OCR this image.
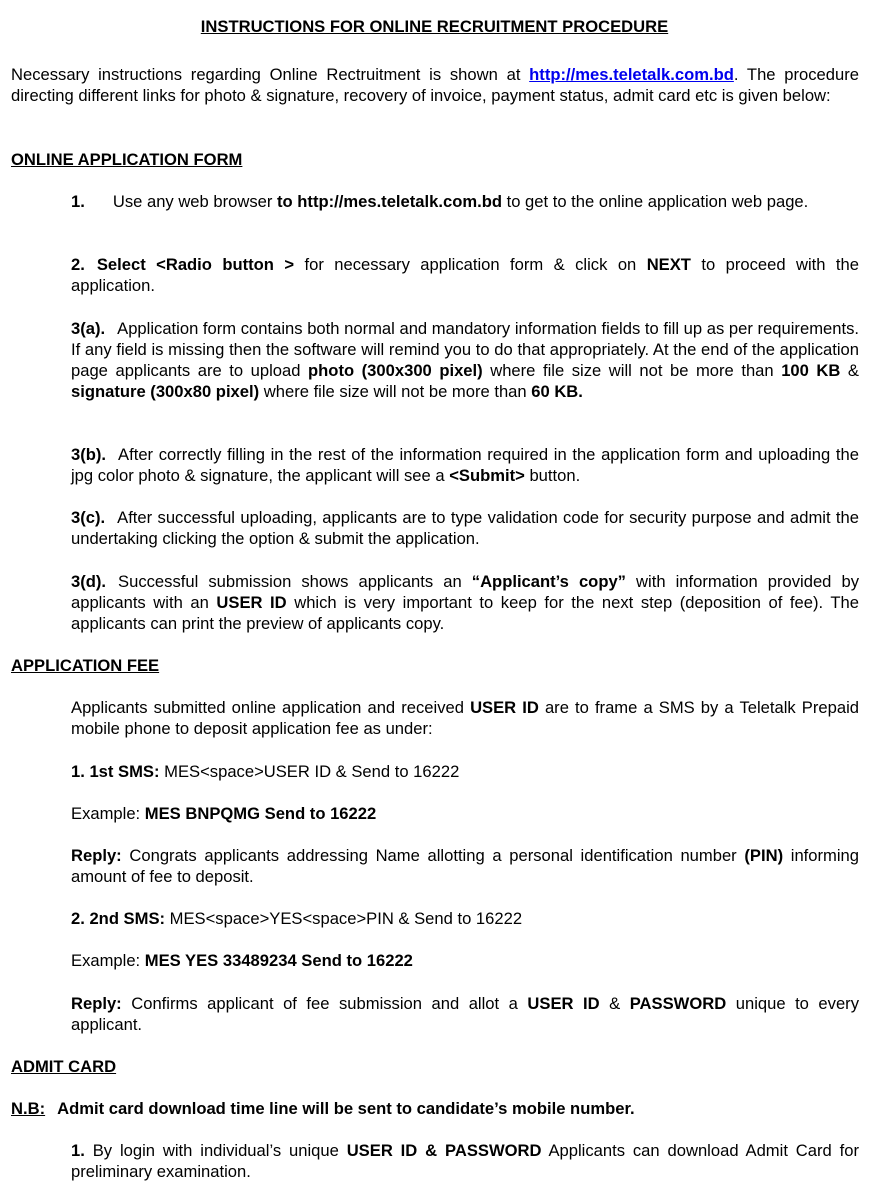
INSTRUCTIONS FOR ONLINE RECRUITMENT PROCEDURE
Necessary instructions regarding Online Rectruitment is shown at http://mes.teletalk.com.bd. The procedure directing different links for photo & signature, recovery of invoice, payment status, admit card etc is given below:
ONLINE APPLICATION FORM
1. Use any web browser to http://mes.teletalk.com.bd to get to the online application web page.
2. Select <Radio button > for necessary application form & click on NEXT to proceed with the application.
3(a). Application form contains both normal and mandatory information fields to fill up as per requirements. If any field is missing then the software will remind you to do that appropriately. At the end of the application page applicants are to upload photo (300x300 pixel) where file size will not be more than 100 KB & signature (300x80 pixel) where file size will not be more than 60 KB.
3(b). After correctly filling in the rest of the information required in the application form and uploading the jpg color photo & signature, the applicant will see a <Submit> button.
3(c). After successful uploading, applicants are to type validation code for security purpose and admit the undertaking clicking the option & submit the application.
3(d). Successful submission shows applicants an “Applicant’s copy” with information provided by applicants with an USER ID which is very important to keep for the next step (deposition of fee). The applicants can print the preview of applicants copy.
APPLICATION FEE
Applicants submitted online application and received USER ID are to frame a SMS by a Teletalk Prepaid mobile phone to deposit application fee as under:
1. 1st SMS: MES<space>USER ID & Send to 16222
Example: MES BNPQMG Send to 16222
Reply: Congrats applicants addressing Name allotting a personal identification number (PIN) informing amount of fee to deposit.
2. 2nd SMS: MES<space>YES<space>PIN & Send to 16222
Example: MES YES 33489234 Send to 16222
Reply: Confirms applicant of fee submission and allot a USER ID & PASSWORD unique to every applicant.
ADMIT CARD
N.B: Admit card download time line will be sent to candidate’s mobile number.
1. By login with individual’s unique USER ID & PASSWORD Applicants can download Admit Card for preliminary examination.
